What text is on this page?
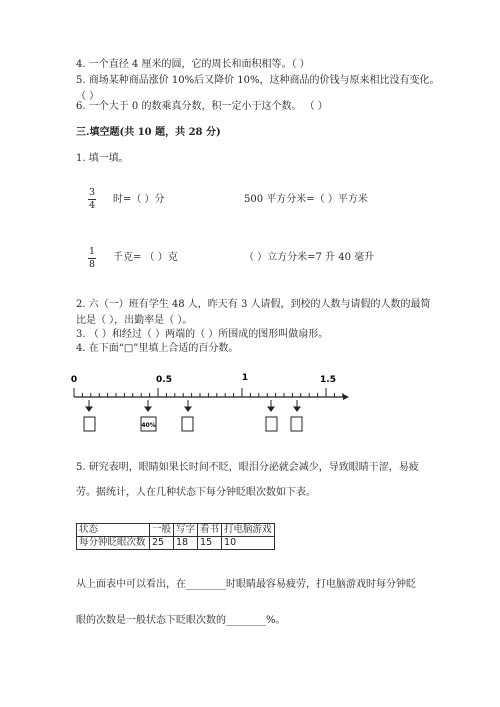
4. 一个直径 4 厘米的圆，它的周长和面积相等。（ ）
5. 商场某种商品涨价 10%后又降价 10%，这种商品的价钱与原来相比没有变化。
（ ）
6. 一个大于 0 的数乘真分数，积一定小于这个数。 （ ）
三.填空题(共 10 题，共 28 分)
1. 填一填。
$\frac{3}{4}$ 时=（ ）分	500 平方分米=（ ）平方米
$\frac{1}{8}$ 千克= （ ）克	（ ）立方分米=7 升 40 毫升
2. 六（一）班有学生 48 人，昨天有 3 人请假，到校的人数与请假的人数的最简
比是（ ），出勤率是（ ）。
3. （ ）和经过（ ）两端的（ ）所围成的图形叫做扇形。
4. 在下面“□”里填上合适的百分数。
0	0.5	1	1.5
40%
5. 研究表明，眼睛如果长时间不眨，眼泪分泌就会减少，导致眼睛干涩，易疲
劳。据统计，人在几种状态下每分钟眨眼次数如下表。
状态	一般	写字	看书	打电脑游戏
每分钟眨眼次数	25	18	15	10
从上面表中可以看出，在________时眼睛最容易疲劳，打电脑游戏时每分钟眨
眼的次数是一般状态下眨眼次数的________%。
